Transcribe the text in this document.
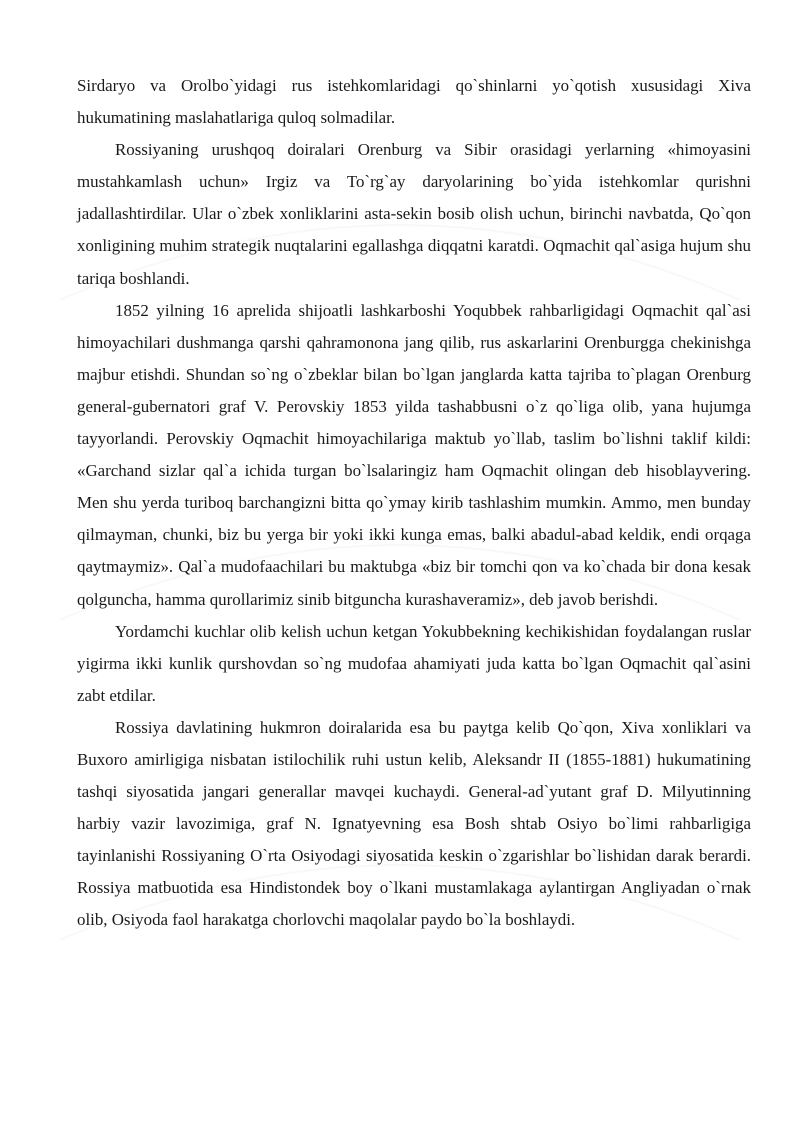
Sirdaryo va Orolbo`yidagi rus istehkomlaridagi qo`shinlarni yo`qotish xususidagi Xiva hukumatining maslahatlariga quloq solmadilar.

Rossiyaning urushqoq doiralari Orenburg va Sibir orasidagi yerlarning «himoyasini mustahkamlash uchun» Irgiz va To`rg`ay daryolarining bo`yida istehkomlar qurishni jadallashtirdilar. Ular o`zbek xonliklarini asta-sekin bosib olish uchun, birinchi navbatda, Qo`qon xonligining muhim strategik nuqtalarini egallashga diqqatni karatdi. Oqmachit qal`asiga hujum shu tariqa boshlandi.

1852 yilning 16 aprelida shijoatli lashkarboshi Yoqubbek rahbarligidagi Oqmachit qal`asi himoyachilari dushmanga qarshi qahramonona jang qilib, rus askarlarini Orenburgga chekinishga majbur etishdi. Shundan so`ng o`zbeklar bilan bo`lgan janglarda katta tajriba to`plagan Orenburg general-gubernatori graf V. Perovskiy 1853 yilda tashabbusni o`z qo`liga olib, yana hujumga tayyorlandi. Perovskiy Oqmachit himoyachilariga maktub yo`llab, taslim bo`lishni taklif kildi: «Garchand sizlar qal`a ichida turgan bo`lsalaringiz ham Oqmachit olingan deb hisoblayvering. Men shu yerda turiboq barchangizni bitta qo`ymay kirib tashlashim mumkin. Ammo, men bunday qilmayman, chunki, biz bu yerga bir yoki ikki kunga emas, balki abadul-abad keldik, endi orqaga qaytmaymiz». Qal`a mudofaachilari bu maktubga «biz bir tomchi qon va ko`chada bir dona kesak qolguncha, hamma qurollarimiz sinib bitguncha kurashaveramiz», deb javob berishdi.

Yordamchi kuchlar olib kelish uchun ketgan Yokubbekning kechikishidan foydalangan ruslar yigirma ikki kunlik qurshovdan so`ng mudofaa ahamiyati juda katta bo`lgan Oqmachit qal`asini zabt etdilar.

Rossiya davlatining hukmron doiralarida esa bu paytga kelib Qo`qon, Xiva xonliklari va Buxoro amirligiga nisbatan istilochilik ruhi ustun kelib, Aleksandr II (1855-1881) hukumatining tashqi siyosatida jangari generallar mavqei kuchaydi. General-ad`yutant graf D. Milyutinning harbiy vazir lavozimiga, graf N. Ignatyevning esa Bosh shtab Osiyo bo`limi rahbarligiga tayinlanishi Rossiyaning O`rta Osiyodagi siyosatida keskin o`zgarishlar bo`lishidan darak berardi. Rossiya matbuotida esa Hindistondek boy o`lkani mustamlakaga aylantirgan Angliyadan o`rnak olib, Osiyoda faol harakatga chorlovchi maqolalar paydo bo`la boshlaydi.
